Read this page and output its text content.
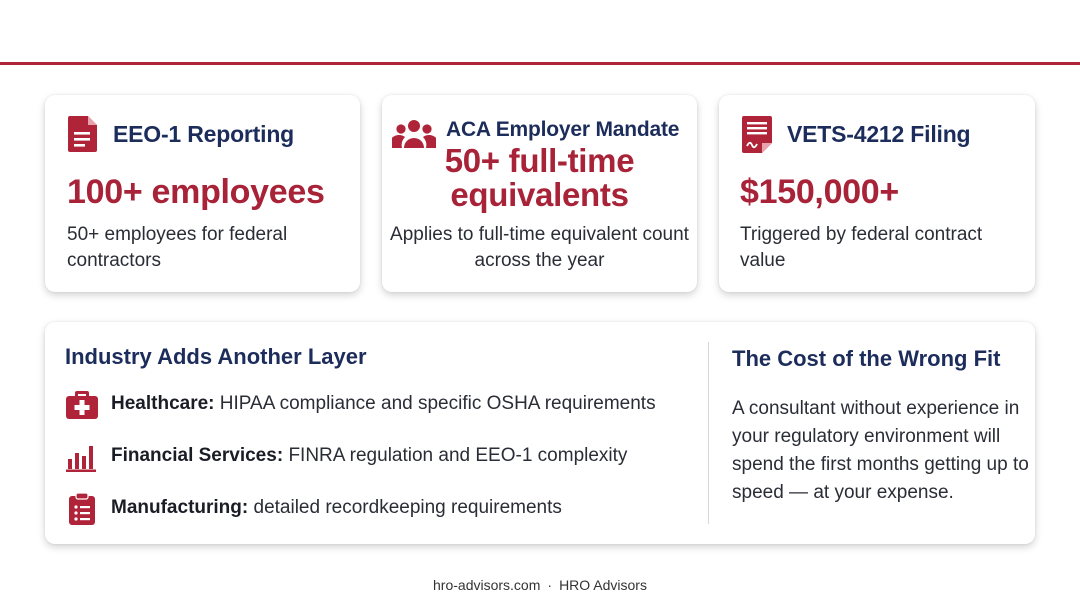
EEO-1 Reporting
100+ employees
50+ employees for federal contractors
ACA Employer Mandate
50+ full-time equivalents
Applies to full-time equivalent count across the year
VETS-4212 Filing
$150,000+
Triggered by federal contract value
Industry Adds Another Layer
Healthcare: HIPAA compliance and specific OSHA requirements
Financial Services: FINRA regulation and EEO-1 complexity
Manufacturing: detailed recordkeeping requirements
The Cost of the Wrong Fit
A consultant without experience in your regulatory environment will spend the first months getting up to speed — at your expense.
hro-advisors.com · HRO Advisors
